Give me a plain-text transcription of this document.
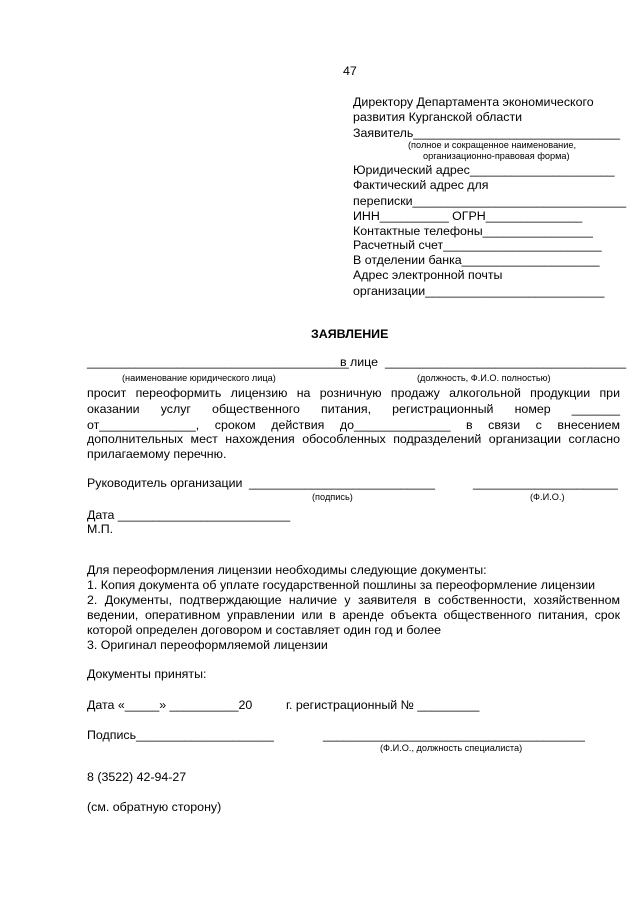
47
Директору Департамента экономического
развития Курганской области
Заявитель______________________________
(полное и сокращенное наименование,
организационно-правовая форма)
Юридический адрес_____________________
Фактический адрес для
переписки_______________________________
ИНН__________ ОГРН______________
Контактные телефоны________________
Расчетный счет_______________________
В отделении банка____________________
Адрес электронной почты
организации__________________________
ЗАЯВЛЕНИЕ
______________________________________
в лице ___________________________________
(наименование юридического лица)	(должность, Ф.И.О. полностью)
просит переоформить лицензию на розничную продажу алкогольной продукции при
оказании услуг общественного питания, регистрационный номер _______
от______________, сроком действия до______________ в связи с внесением
дополнительных мест нахождения обособленных подразделений организации согласно
прилагаемому перечню.
Руководитель организации ___________________________	_____________________
(подпись)	(Ф.И.О.)
Дата _________________________
М.П.
Для переоформления лицензии необходимы следующие документы:
1. Копия документа об уплате государственной пошлины за переоформление лицензии
2. Документы, подтверждающие наличие у заявителя в собственности, хозяйственном
ведении, оперативном управлении или в аренде объекта общественного питания, срок
которой определен договором и составляет один год и более
3. Оригинал переоформляемой лицензии
Документы приняты:
Дата «_____» __________20	г. регистрационный № _________
Подпись____________________	______________________________________
(Ф.И.О., должность специалиста)
8 (3522) 42-94-27
(см. обратную сторону)
